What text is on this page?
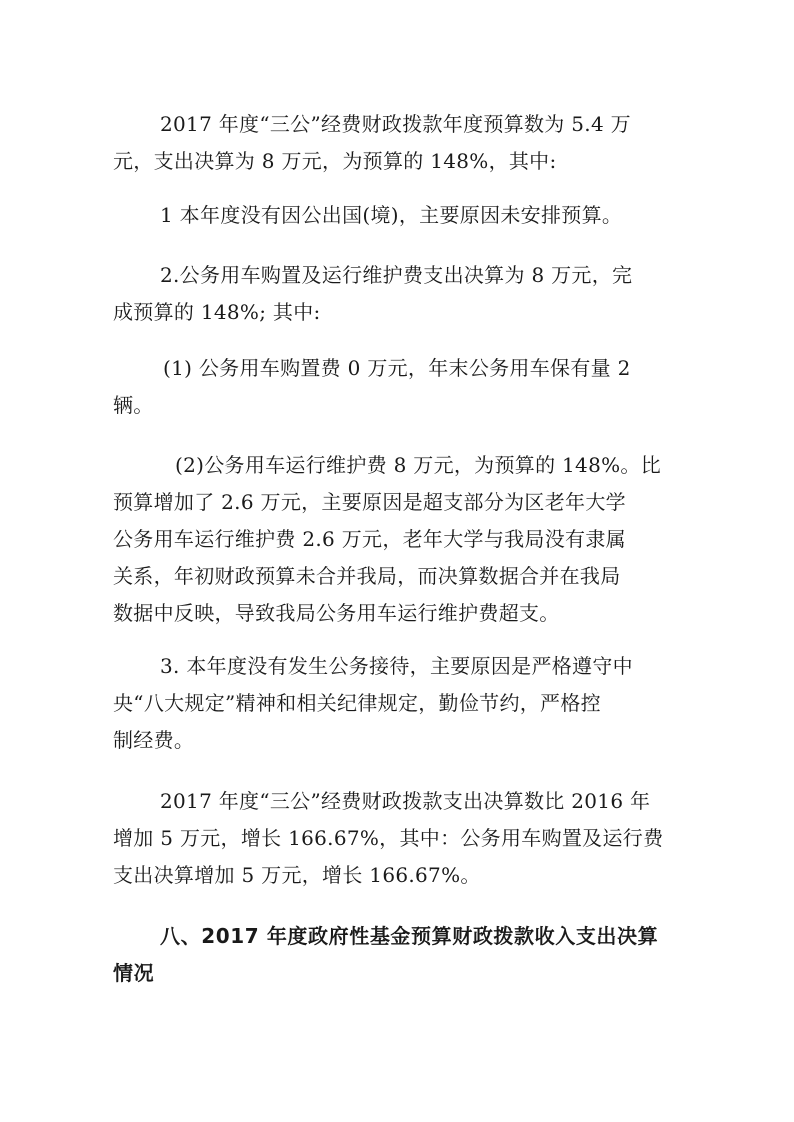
2017 年度“三公”经费财政拨款年度预算数为 5.4 万
元，支出决算为 8 万元，为预算的 148%，其中:

1 本年度没有因公出国(境)，主要原因未安排预算。

2.公务用车购置及运行维护费支出决算为 8 万元，完
成预算的 148%; 其中:

(1) 公务用车购置费 0 万元，年末公务用车保有量 2
辆。

(2)公务用车运行维护费 8 万元，为预算的 148%。比
预算增加了 2.6 万元，主要原因是超支部分为区老年大学
公务用车运行维护费 2.6 万元，老年大学与我局没有隶属
关系，年初财政预算未合并我局，而决算数据合并在我局
数据中反映，导致我局公务用车运行维护费超支。

3. 本年度没有发生公务接待，主要原因是严格遵守中
央“八大规定”精神和相关纪律规定，勤俭节约，严格控
制经费。

2017 年度“三公”经费财政拨款支出决算数比 2016 年
增加 5 万元，增长 166.67%，其中：公务用车购置及运行费
支出决算增加 5 万元，增长 166.67%。

八、2017 年度政府性基金预算财政拨款收入支出决算
情况
